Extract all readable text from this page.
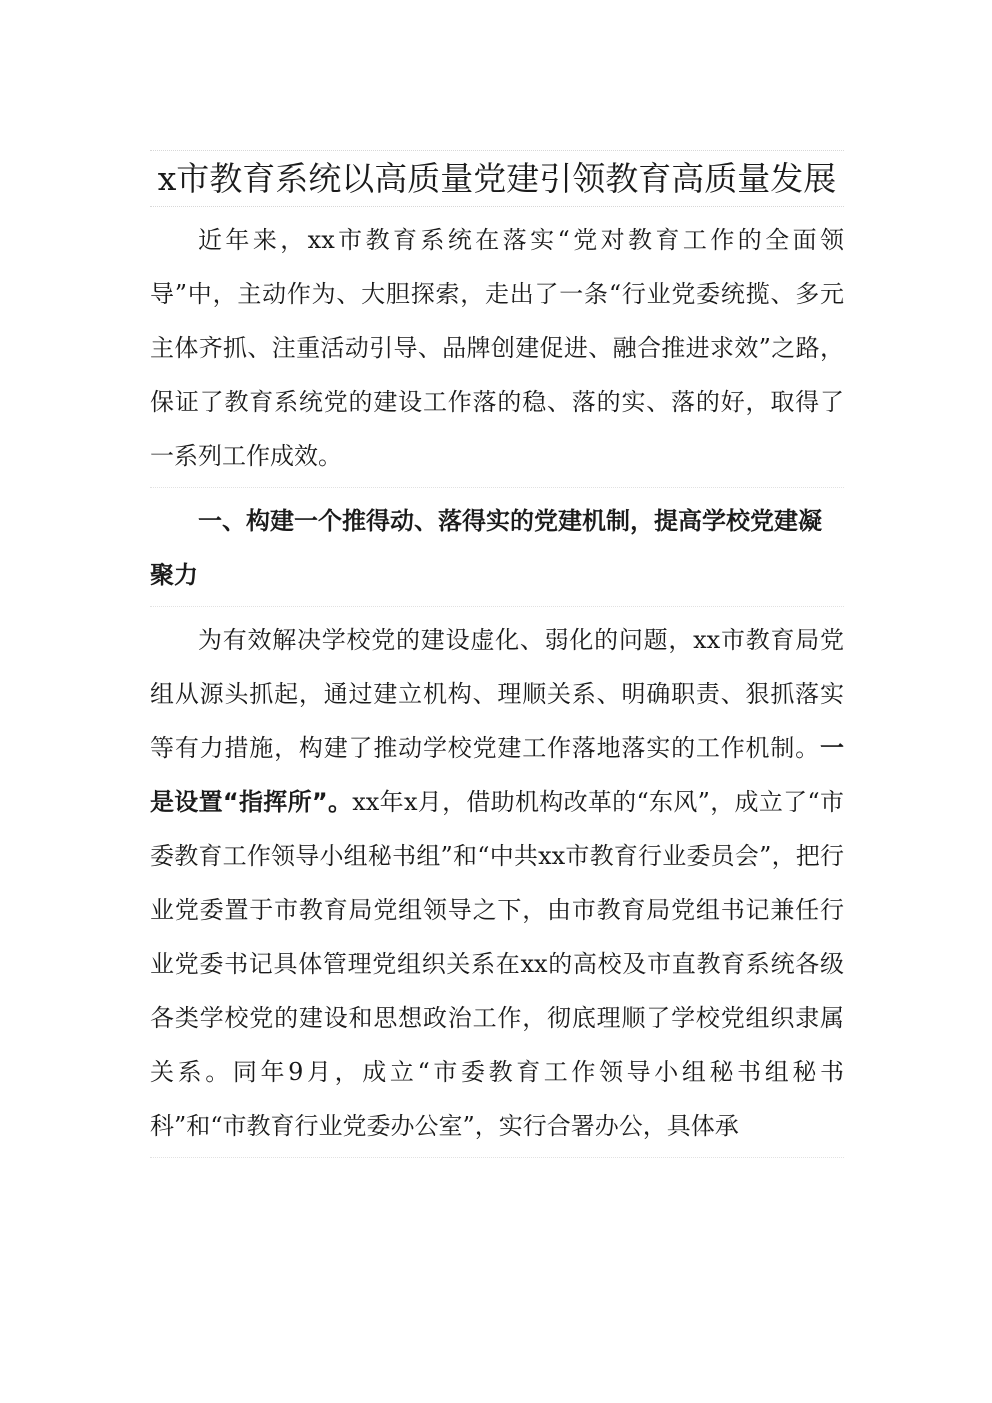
x市教育系统以高质量党建引领教育高质量发展

近年来，xx市教育系统在落实“党对教育工作的全面领导”中，主动作为、大胆探索，走出了一条“行业党委统揽、多元主体齐抓、注重活动引导、品牌创建促进、融合推进求效”之路，保证了教育系统党的建设工作落的稳、落的实、落的好，取得了一系列工作成效。

一、构建一个推得动、落得实的党建机制，提高学校党建凝聚力

为有效解决学校党的建设虚化、弱化的问题，xx市教育局党组从源头抓起，通过建立机构、理顺关系、明确职责、狠抓落实等有力措施，构建了推动学校党建工作落地落实的工作机制。一是设置“指挥所”。xx年x月，借助机构改革的“东风”，成立了“市委教育工作领导小组秘书组”和“中共xx市教育行业委员会”，把行业党委置于市教育局党组领导之下，由市教育局党组书记兼任行业党委书记具体管理党组织关系在xx的高校及市直教育系统各级各类学校党的建设和思想政治工作，彻底理顺了学校党组织隶属关系。同年9月，成立“市委教育工作领导小组秘书组秘书科”和“市教育行业党委办公室”，实行合署办公，具体承
